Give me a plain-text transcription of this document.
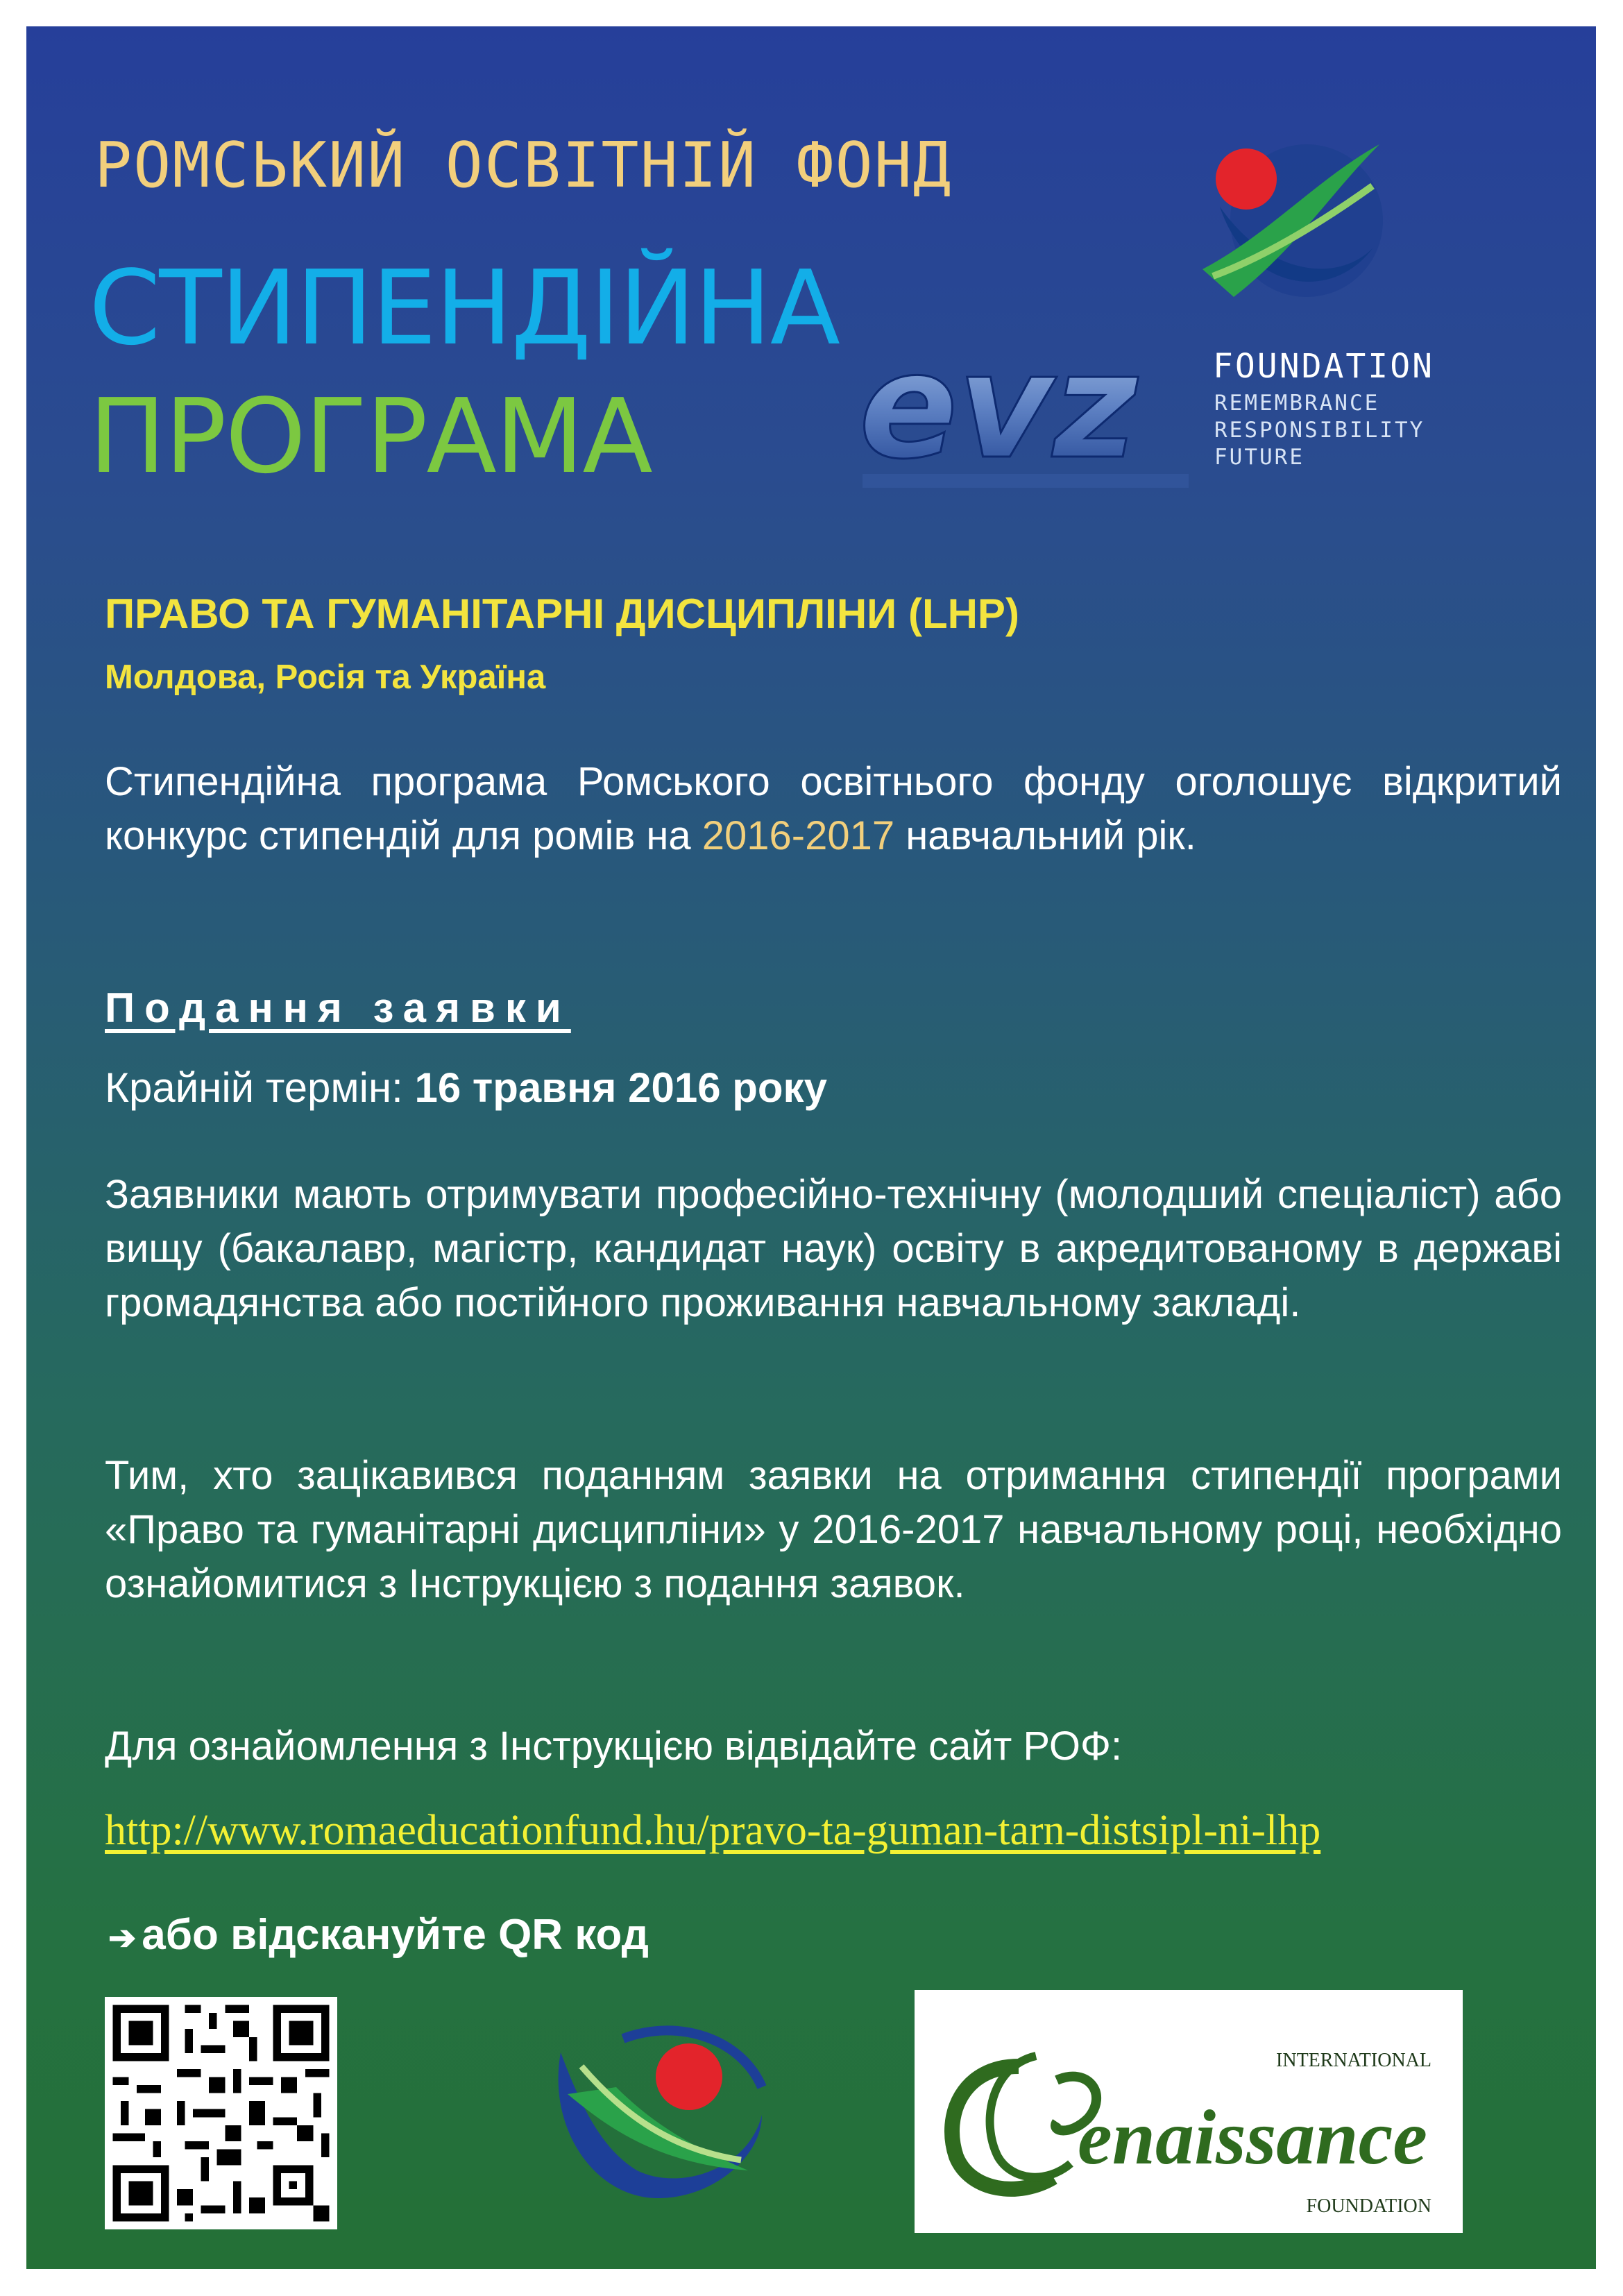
РОМСЬКИЙ ОСВІТНІЙ ФОНД
СТИПЕНДІЙНА
ПРОГРАМА evz FOUNDATION
REMEMBRANCE
RESPONSIBILITY
FUTURE
ПРАВО ТА ГУМАНІТАРНІ ДИСЦИПЛІНИ (LHP)
Молдова, Росія та Україна
Стипендійна програма Ромського освітнього фонду оголошує відкритий конкурс стипендій для ромів на 2016-2017 навчальний рік.
Подання заявки
Крайній термін: 16 травня 2016 року
Заявники мають отримувати професійно-технічну (молодший спеціаліст) або вищу (бакалавр, магістр, кандидат наук) освіту в акредитованому в державі громадянства або постійного проживання навчальному закладі.
Тим, хто зацікавився поданням заявки на отримання стипендії програми «Право та гуманітарні дисципліни» у 2016-2017 навчальному році, необхідно ознайомитися з Інструкцією з подання заявок.
Для ознайомлення з Інструкцією відвідайте сайт РОФ:
http://www.romaeducationfund.hu/pravo-ta-guman-tarn-distsipl-ni-lhp
➔ або відскануйте QR код
INTERNATIONAL
enaissance
FOUNDATION
